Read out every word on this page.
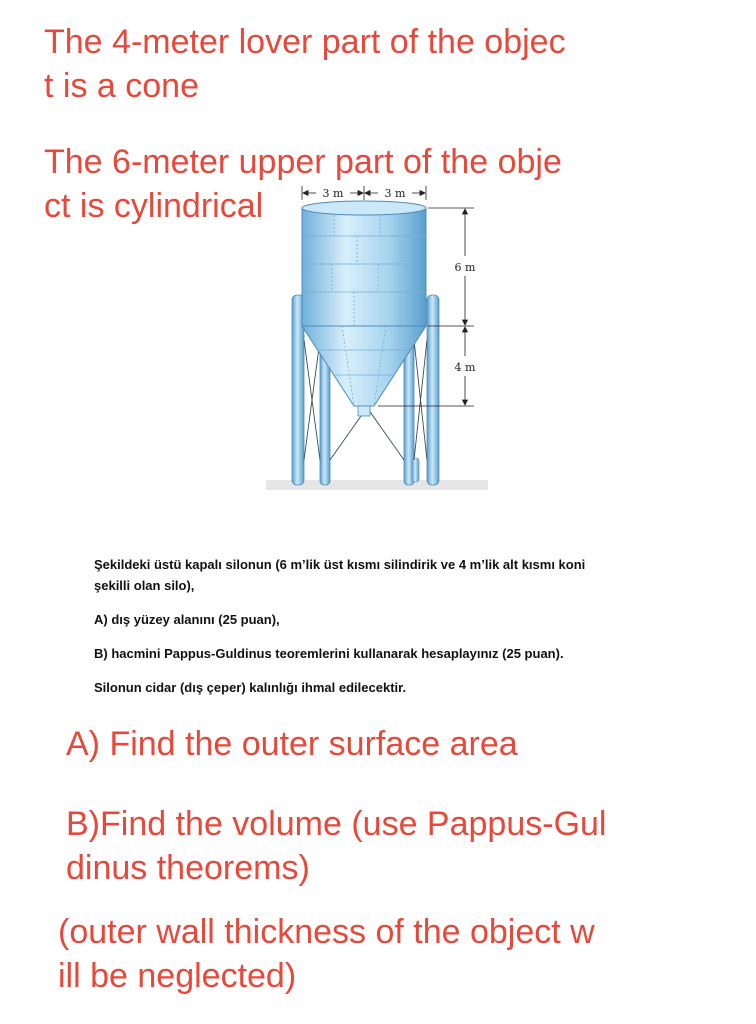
The 4-meter lover part of the objec

t is a cone

The 6-meter upper part of the obje

ct is cylindrical	3 m	3 m
6 m
4 m

Şekildeki üstü kapalı silonun (6 m’lik üst kısmı silindirik ve 4 m’lik alt kısmı koni

şekilli olan silo),

A) dış yüzey alanını (25 puan),

B) hacmini Pappus-Guldinus teoremlerini kullanarak hesaplayınız (25 puan).

Silonun cidar (dış çeper) kalınlığı ihmal edilecektir.

A) Find the outer surface area

B)Find the volume (use Pappus-Gul

dinus theorems)

(outer wall thickness of the object w

ill be neglected)
